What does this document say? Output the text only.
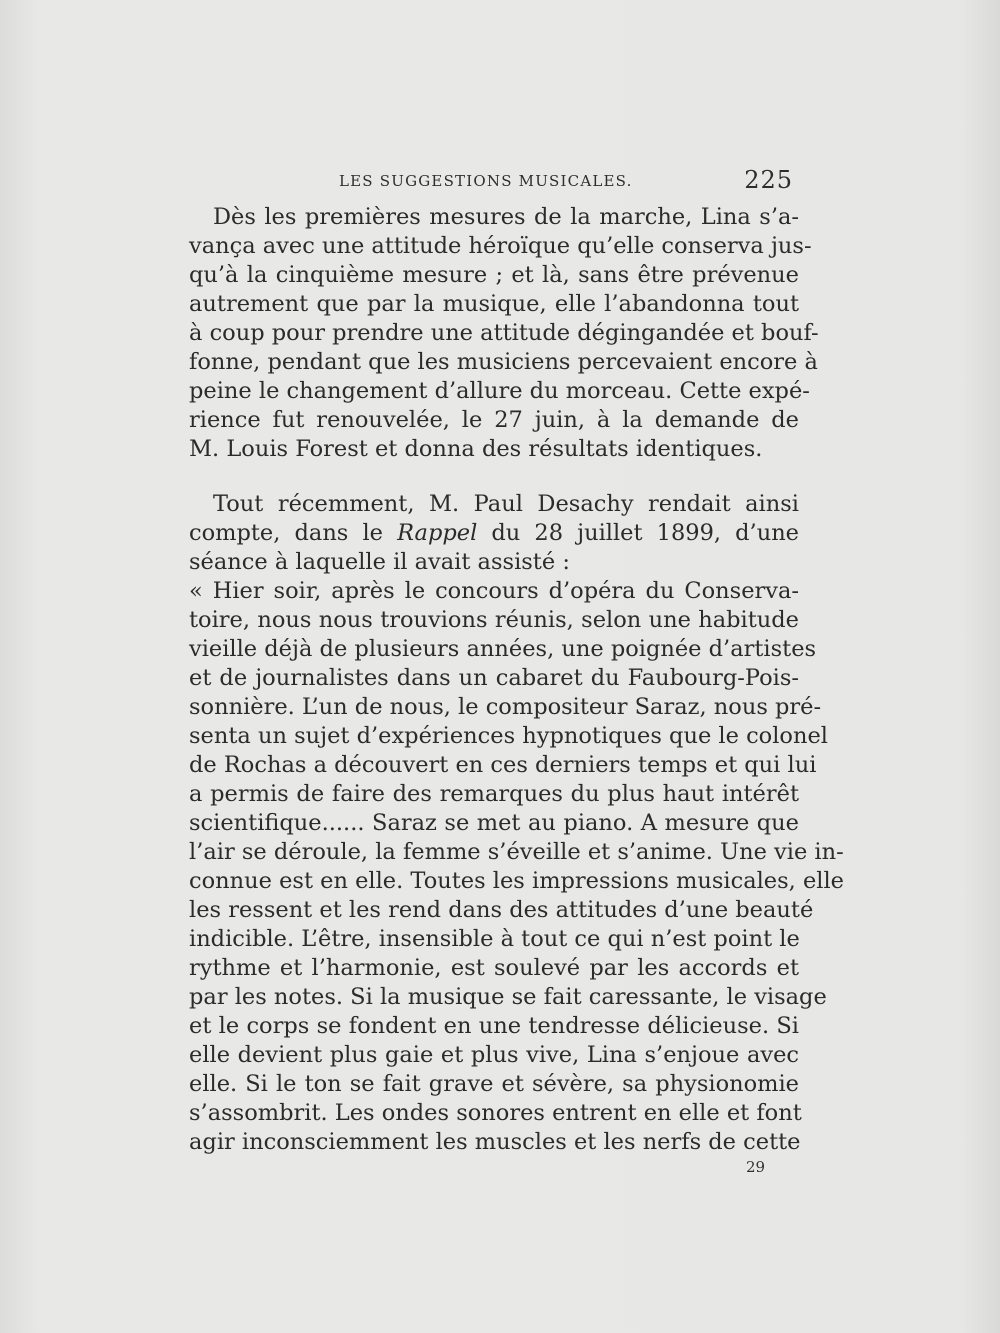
LES SUGGESTIONS MUSICALES.	225
Dès les premières mesures de la marche, Lina s’a-
vança avec une attitude héroïque qu’elle conserva jus-
qu’à la cinquième mesure ; et là, sans être prévenue
autrement que par la musique, elle l’abandonna tout
à coup pour prendre une attitude dégingandée et bouf-
fonne, pendant que les musiciens percevaient encore à
peine le changement d’allure du morceau. Cette expé-
rience fut renouvelée, le 27 juin, à la demande de
M. Louis Forest et donna des résultats identiques.
Tout récemment, M. Paul Desachy rendait ainsi
compte, dans le Rappel du 28 juillet 1899, d’une
séance à laquelle il avait assisté :
« Hier soir, après le concours d’opéra du Conserva-
toire, nous nous trouvions réunis, selon une habitude
vieille déjà de plusieurs années, une poignée d’artistes
et de journalistes dans un cabaret du Faubourg-Pois-
sonnière. L’un de nous, le compositeur Saraz, nous pré-
senta un sujet d’expériences hypnotiques que le colonel
de Rochas a découvert en ces derniers temps et qui lui
a permis de faire des remarques du plus haut intérêt
scientifique...... Saraz se met au piano. A mesure que
l’air se déroule, la femme s’éveille et s’anime. Une vie in-
connue est en elle. Toutes les impressions musicales, elle
les ressent et les rend dans des attitudes d’une beauté
indicible. L’être, insensible à tout ce qui n’est point le
rythme et l’harmonie, est soulevé par les accords et
par les notes. Si la musique se fait caressante, le visage
et le corps se fondent en une tendresse délicieuse. Si
elle devient plus gaie et plus vive, Lina s’enjoue avec
elle. Si le ton se fait grave et sévère, sa physionomie
s’assombrit. Les ondes sonores entrent en elle et font
agir inconsciemment les muscles et les nerfs de cette
29
